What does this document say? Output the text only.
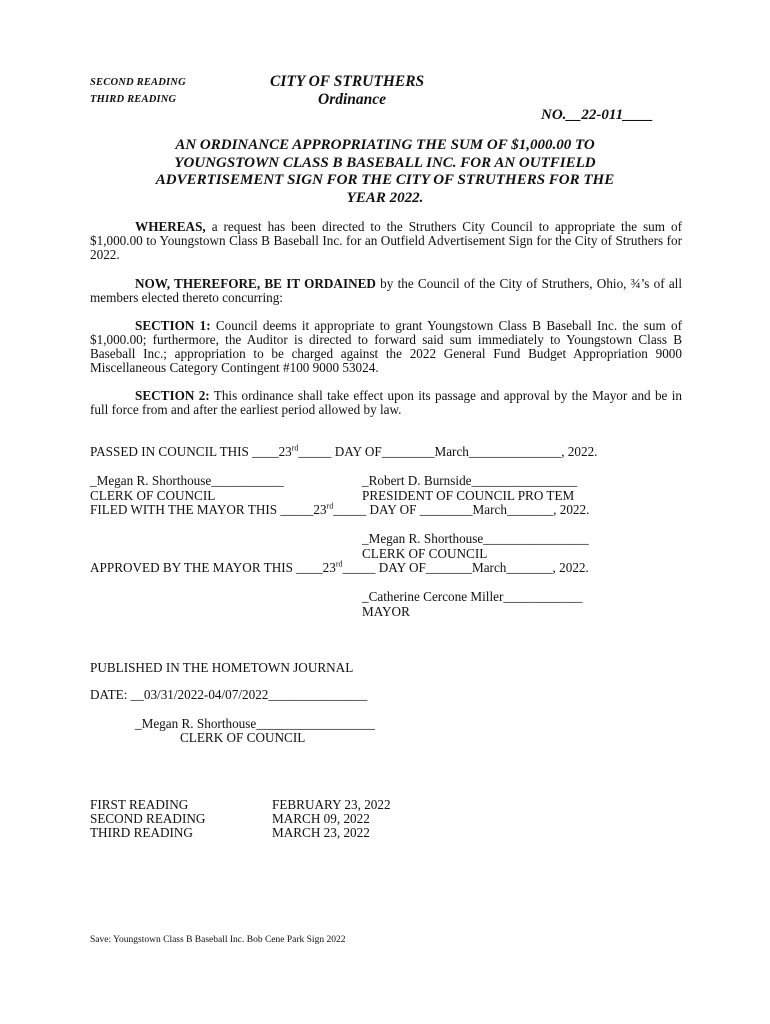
SECOND READING
THIRD READING
CITY OF STRUTHERS
Ordinance
NO.__22-011____
AN ORDINANCE APPROPRIATING THE SUM OF $1,000.00 TO
YOUNGSTOWN CLASS B BASEBALL INC. FOR AN OUTFIELD
ADVERTISEMENT SIGN FOR THE CITY OF STRUTHERS FOR THE
YEAR 2022.
WHEREAS, a request has been directed to the Struthers City Council to appropriate the sum of $1,000.00 to Youngstown Class B Baseball Inc. for an Outfield Advertisement Sign for the City of Struthers for 2022.
NOW, THEREFORE, BE IT ORDAINED by the Council of the City of Struthers, Ohio, ¾’s of all members elected thereto concurring:
SECTION 1: Council deems it appropriate to grant Youngstown Class B Baseball Inc. the sum of $1,000.00; furthermore, the Auditor is directed to forward said sum immediately to Youngstown Class B Baseball Inc.; appropriation to be charged against the 2022 General Fund Budget Appropriation 9000 Miscellaneous Category Contingent #100 9000 53024.
SECTION 2: This ordinance shall take effect upon its passage and approval by the Mayor and be in full force from and after the earliest period allowed by law.
PASSED IN COUNCIL THIS ____23rd_____ DAY OF________March______________, 2022.
_Megan R. Shorthouse___________
CLERK OF COUNCIL
_Robert D. Burnside________________
PRESIDENT OF COUNCIL PRO TEM
FILED WITH THE MAYOR THIS _____23rd_____ DAY OF ________March_______, 2022.
_Megan R. Shorthouse________________
CLERK OF COUNCIL
APPROVED BY THE MAYOR THIS ____23rd_____ DAY OF_______March_______, 2022.
_Catherine Cercone Miller____________
MAYOR
PUBLISHED IN THE HOMETOWN JOURNAL
DATE: __03/31/2022-04/07/2022_______________
_Megan R. Shorthouse__________________
CLERK OF COUNCIL
FIRST READING	FEBRUARY 23, 2022
SECOND READING	MARCH 09, 2022
THIRD READING	MARCH 23, 2022
Save: Youngstown Class B Baseball Inc. Bob Cene Park Sign 2022
